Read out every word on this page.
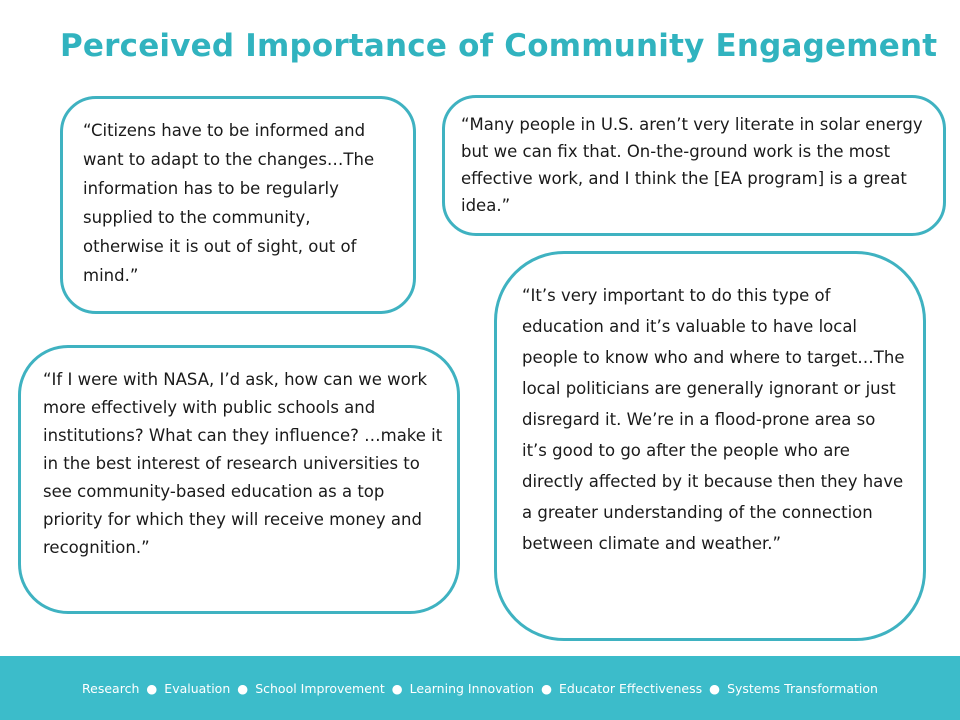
Perceived Importance of Community Engagement
“Citizens have to be informed and want to adapt to the changes…The information has to be regularly supplied to the community, otherwise it is out of sight, out of mind.”
“Many people in U.S. aren’t very literate in solar energy but we can fix that. On-the-ground work is the most effective work, and I think the [EA program] is a great idea.”
“If I were with NASA, I’d ask, how can we work more effectively with public schools and institutions? What can they influence? …make it in the best interest of research universities to see community-based education as a top priority for which they will receive money and recognition.”
“It’s very important to do this type of education and it’s valuable to have local people to know who and where to target…The local politicians are generally ignorant or just disregard it. We’re in a flood-prone area so it’s good to go after the people who are directly affected by it because then they have a greater understanding of the connection between climate and weather.”
Research ● Evaluation ● School Improvement ● Learning Innovation ● Educator Effectiveness ● Systems Transformation
